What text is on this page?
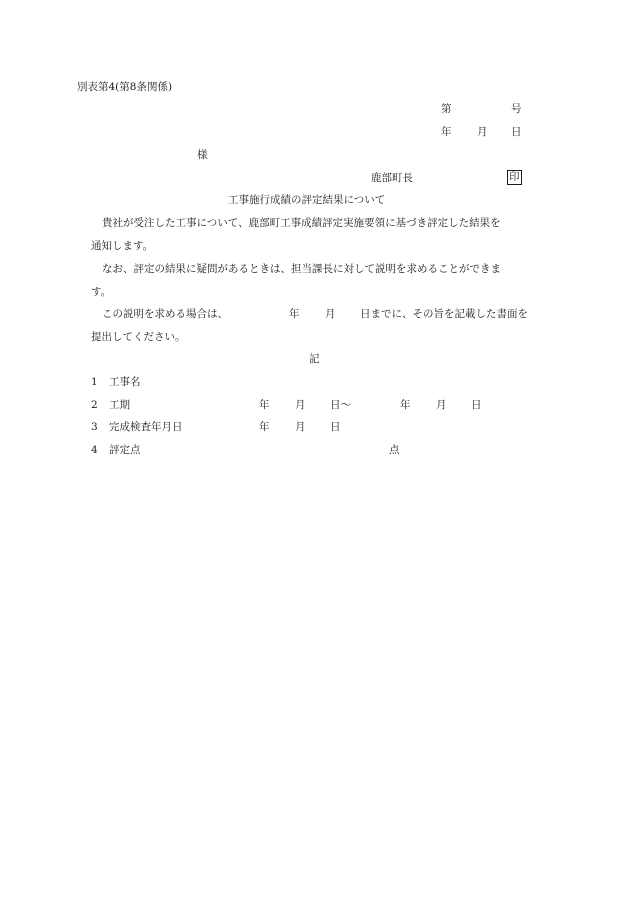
別表第4(第8条関係)
第	号
年 月 日
様
鹿部町長	印
工事施行成績の評定結果について
貴社が受注した工事について、鹿部町工事成績評定実施要領に基づき評定した結果を
通知します。
なお、評定の結果に疑問があるときは、担当課長に対して説明を求めることができま
す。
この説明を求める場合は、	年 月 日までに、その旨を記載した書面を
提出してください。
記
1 工事名
2 工期	年 月 日～	年 月 日
3 完成検査年月日	年 月 日
4 評定点	点
